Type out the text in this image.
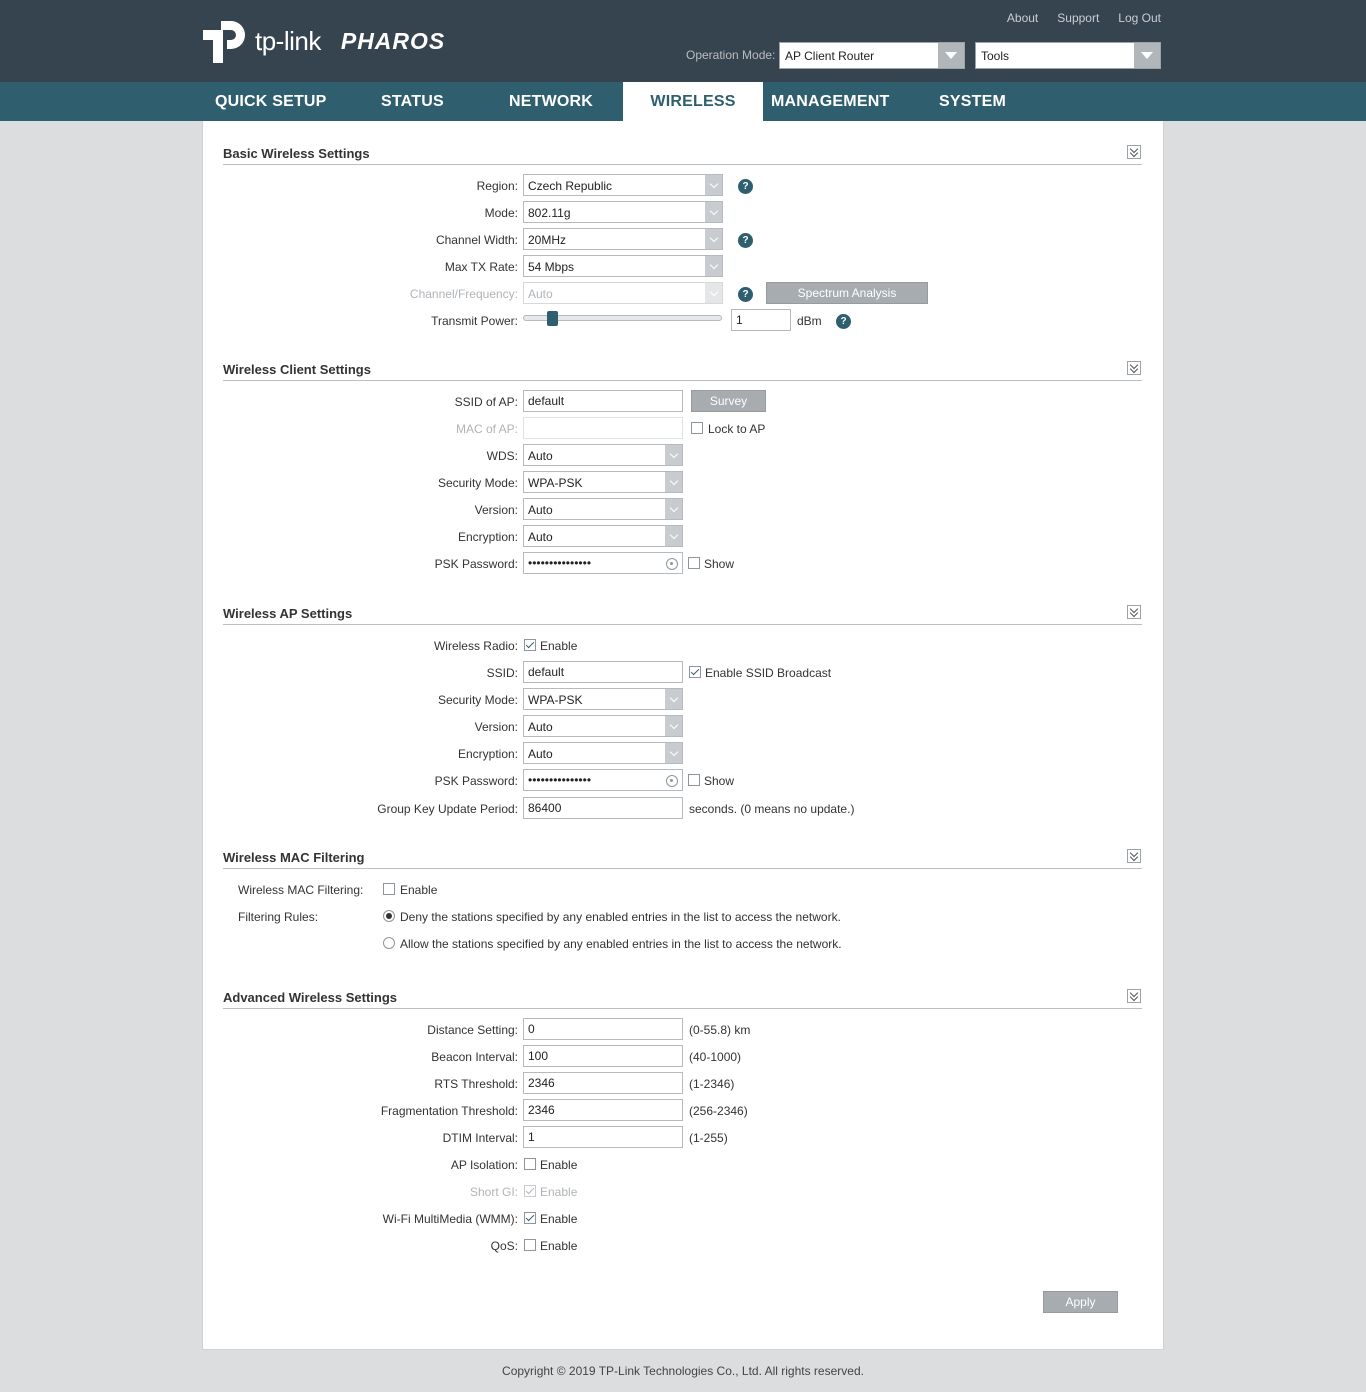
tp-link PHAROS
About Support Log Out
Operation Mode: AP Client Router	Tools
QUICK SETUP	STATUS	NETWORK	WIRELESS	MANAGEMENT	SYSTEM
Basic Wireless Settings
Region: Czech Republic	?
Mode: 802.11g
Channel Width: 20MHz	?
Max TX Rate: 54 Mbps
Channel/Frequency: Auto	?	Spectrum Analysis
Transmit Power:
1	dBm	?
Wireless Client Settings
SSID of AP:
default	Survey
MAC of AP:	Lock to AP
WDS: Auto
Security Mode: WPA-PSK
Version: Auto
Encryption: Auto
PSK Password:
•••••••••••••••	Show
Wireless AP Settings
Wireless Radio: Enable
SSID:
default	Enable SSID Broadcast
Security Mode: WPA-PSK
Version: Auto
Encryption: Auto
PSK Password:
•••••••••••••••	Show
Group Key Update Period:
86400	seconds. (0 means no update.)
Wireless MAC Filtering
Wireless MAC Filtering:	Enable
Filtering Rules:	Deny the stations specified by any enabled entries in the list to access the network.
Allow the stations specified by any enabled entries in the list to access the network.
Advanced Wireless Settings
Distance Setting:
0	(0-55.8) km
Beacon Interval:
100	(40-1000)
RTS Threshold:
2346	(1-2346)
Fragmentation Threshold:
2346	(256-2346)
DTIM Interval:
1	(1-255)
AP Isolation: Enable
Short GI: Enable
Wi-Fi MultiMedia (WMM): Enable
QoS: Enable
Apply
Copyright © 2019 TP-Link Technologies Co., Ltd. All rights reserved.
